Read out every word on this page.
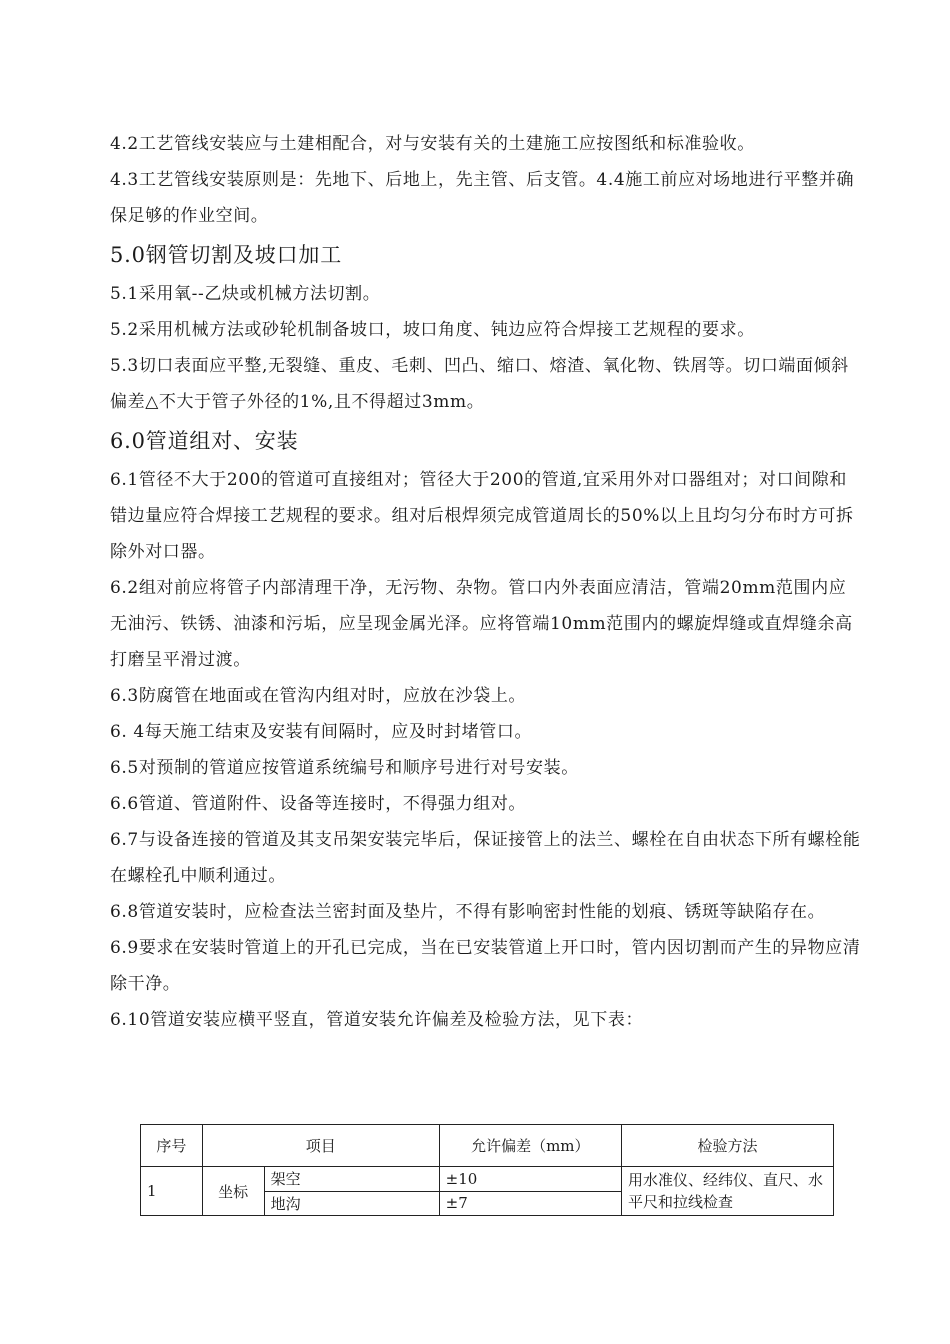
4.2工艺管线安装应与土建相配合，对与安装有关的土建施工应按图纸和标准验收。

4.3工艺管线安装原则是：先地下、后地上，先主管、后支管。4.4施工前应对场地进行平整并确保足够的作业空间。

5.0钢管切割及坡口加工

5.1采用氧--乙炔或机械方法切割。

5.2采用机械方法或砂轮机制备坡口，坡口角度、钝边应符合焊接工艺规程的要求。

5.3切口表面应平整,无裂缝、重皮、毛刺、凹凸、缩口、熔渣、氧化物、铁屑等。切口端面倾斜偏差△不大于管子外径的1%,且不得超过3mm。

6.0管道组对、安装

6.1管径不大于200的管道可直接组对；管径大于200的管道,宜采用外对口器组对；对口间隙和错边量应符合焊接工艺规程的要求。组对后根焊须完成管道周长的50%以上且均匀分布时方可拆除外对口器。

6.2组对前应将管子内部清理干净，无污物、杂物。管口内外表面应清洁，管端20mm范围内应无油污、铁锈、油漆和污垢，应呈现金属光泽。应将管端10mm范围内的螺旋焊缝或直焊缝余高打磨呈平滑过渡。

6.3防腐管在地面或在管沟内组对时，应放在沙袋上。

6. 4每天施工结束及安装有间隔时，应及时封堵管口。

6.5对预制的管道应按管道系统编号和顺序号进行对号安装。

6.6管道、管道附件、设备等连接时，不得强力组对。

6.7与设备连接的管道及其支吊架安装完毕后，保证接管上的法兰、螺栓在自由状态下所有螺栓能在螺栓孔中顺利通过。

6.8管道安装时，应检查法兰密封面及垫片，不得有影响密封性能的划痕、锈斑等缺陷存在。

6.9要求在安装时管道上的开孔已完成，当在已安装管道上开口时，管内因切割而产生的异物应清除干净。

6.10管道安装应横平竖直，管道安装允许偏差及检验方法，见下表：

序号	项目		允许偏差（mm）	检验方法
1	坐标	架空	±10	用水准仪、经纬仪、直尺、水平尺和拉线检查
		地沟	±7	
